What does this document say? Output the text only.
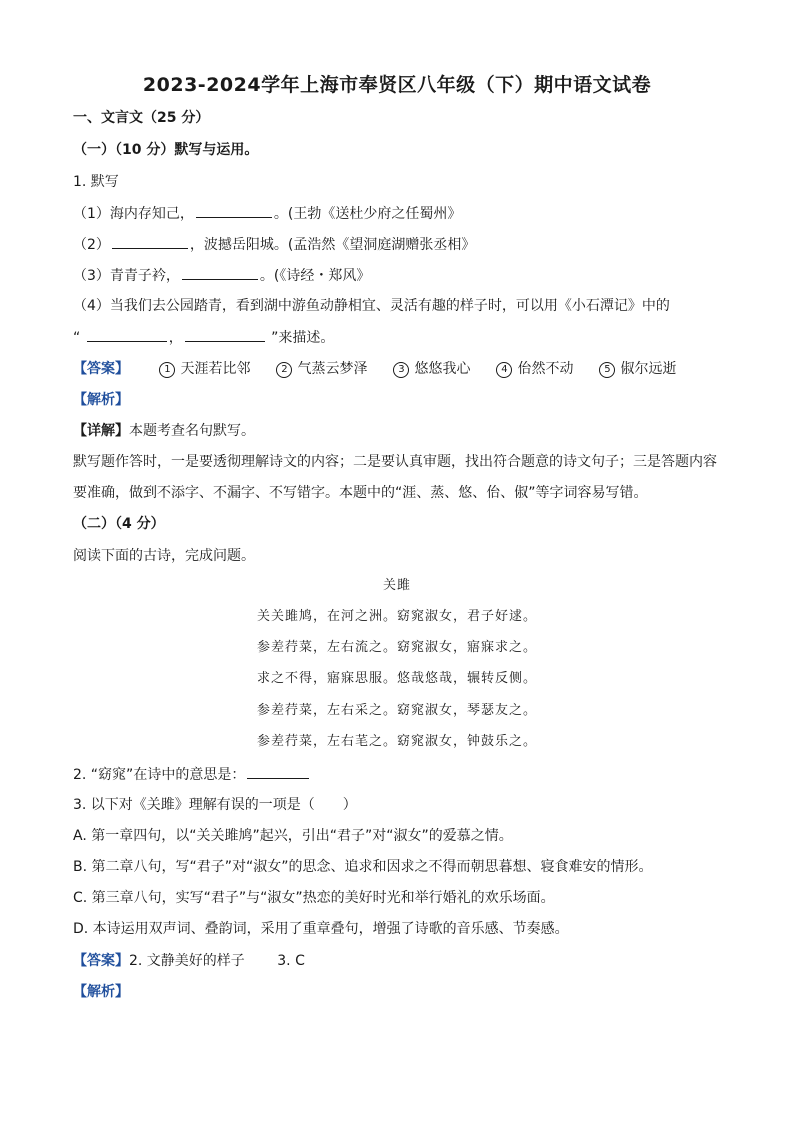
2023-2024学年上海市奉贤区八年级（下）期中语文试卷
一、文言文（25 分）
（一）（10 分）默写与运用。
1. 默写
（1）海内存知己，	。(王勃《送杜少府之任蜀州》
（2）	，波撼岳阳城。(孟浩然《望洞庭湖赠张丞相》
（3）青青子衿，	。(《诗经・郑风》
（4）当我们去公园踏青，看到湖中游鱼动静相宜、灵活有趣的样子时，可以用《小石潭记》中的
“	，	”来描述。
【答案】	1 天涯若比邻	2 气蒸云梦泽	3 悠悠我心	4 佁然不动	5 俶尔远逝
【解析】
【详解】本题考查名句默写。
默写题作答时，一是要透彻理解诗文的内容；二是要认真审题，找出符合题意的诗文句子；三是答题内容
要准确，做到不添字、不漏字、不写错字。本题中的“涯、蒸、悠、佁、俶”等字词容易写错。
（二）（4 分）
阅读下面的古诗，完成问题。
关雎
关关雎鸠，在河之洲。窈窕淑女，君子好逑。
参差荇菜，左右流之。窈窕淑女，寤寐求之。
求之不得，寤寐思服。悠哉悠哉，辗转反侧。
参差荇菜，左右采之。窈窕淑女，琴瑟友之。
参差荇菜，左右芼之。窈窕淑女，钟鼓乐之。
2. “窈窕”在诗中的意思是：
3. 以下对《关雎》理解有误的一项是（　　）
A. 第一章四句，以“关关雎鸠”起兴，引出“君子”对“淑女”的爱慕之情。
B. 第二章八句，写“君子”对“淑女”的思念、追求和因求之不得而朝思暮想、寝食难安的情形。
C. 第三章八句，实写“君子”与“淑女”热恋的美好时光和举行婚礼的欢乐场面。
D. 本诗运用双声词、叠韵词，采用了重章叠句，增强了诗歌的音乐感、节奏感。
【答案】2. 文静美好的样子 3. C
【解析】
